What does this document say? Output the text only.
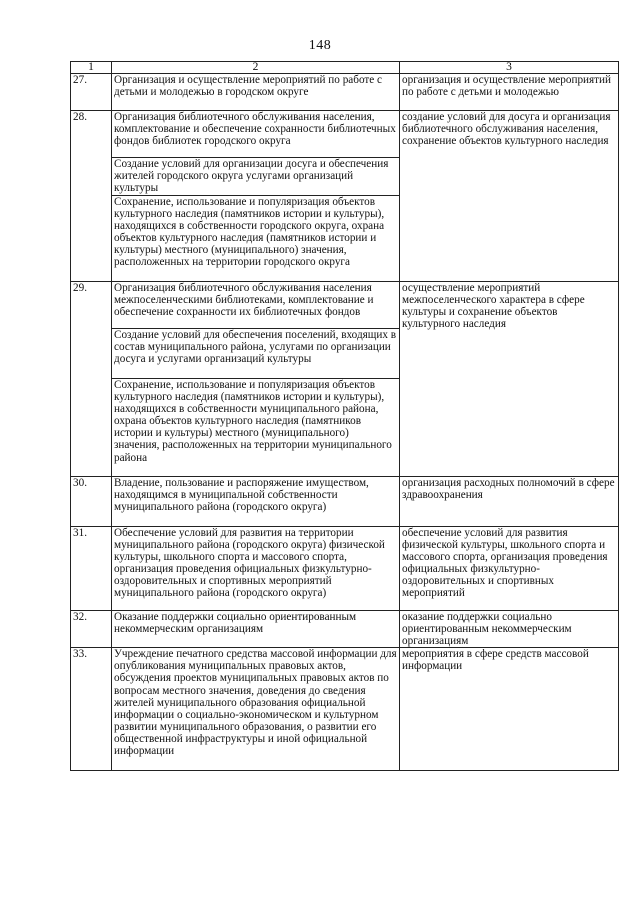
148
1	2	3
27.	Организация и осуществление мероприятий по работе с детьми и молодежью в городском округе	организация и осуществление мероприятий по работе с детьми и молодежью
28.	Организация библиотечного обслуживания населения, комплектование и обеспечение сохранности библиотечных фондов библиотек городского округа	создание условий для досуга и организация библиотечного обслуживания населения, сохранение объектов культурного наследия
	Создание условий для организации досуга и обеспечения жителей городского округа услугами организаций культуры	
	Сохранение, использование и популяризация объектов культурного наследия (памятников истории и культуры), находящихся в собственности городского округа, охрана объектов культурного наследия (памятников истории и культуры) местного (муниципального) значения, расположенных на территории городского округа	
29.	Организация библиотечного обслуживания населения межпоселенческими библиотеками, комплектование и обеспечение сохранности их библиотечных фондов	осуществление мероприятий межпоселенческого характера в сфере культуры и сохранение объектов культурного наследия
	Создание условий для обеспечения поселений, входящих в состав муниципального района, услугами по организации досуга и услугами организаций культуры	
	Сохранение, использование и популяризация объектов культурного наследия (памятников истории и культуры), находящихся в собственности муниципального района, охрана объектов культурного наследия (памятников истории и культуры) местного (муниципального) значения, расположенных на территории муниципального района	
30.	Владение, пользование и распоряжение имуществом, находящимся в муниципальной собственности муниципального района (городского округа)	организация расходных полномочий в сфере здравоохранения
31.	Обеспечение условий для развития на территории муниципального района (городского округа) физической культуры, школьного спорта и массового спорта, организация проведения официальных физкультурно-оздоровительных и спортивных мероприятий муниципального района (городского округа)	обеспечение условий для развития физической культуры, школьного спорта и массового спорта, организация проведения официальных физкультурно-оздоровительных и спортивных мероприятий
32.	Оказание поддержки социально ориентированным некоммерческим организациям	оказание поддержки социально ориентированным некоммерческим организациям
33.	Учреждение печатного средства массовой информации для опубликования муниципальных правовых актов, обсуждения проектов муниципальных правовых актов по вопросам местного значения, доведения до сведения жителей муниципального образования официальной информации о социально-экономическом и культурном развитии муниципального образования, о развитии его общественной инфраструктуры и иной официальной информации	мероприятия в сфере средств массовой информации
